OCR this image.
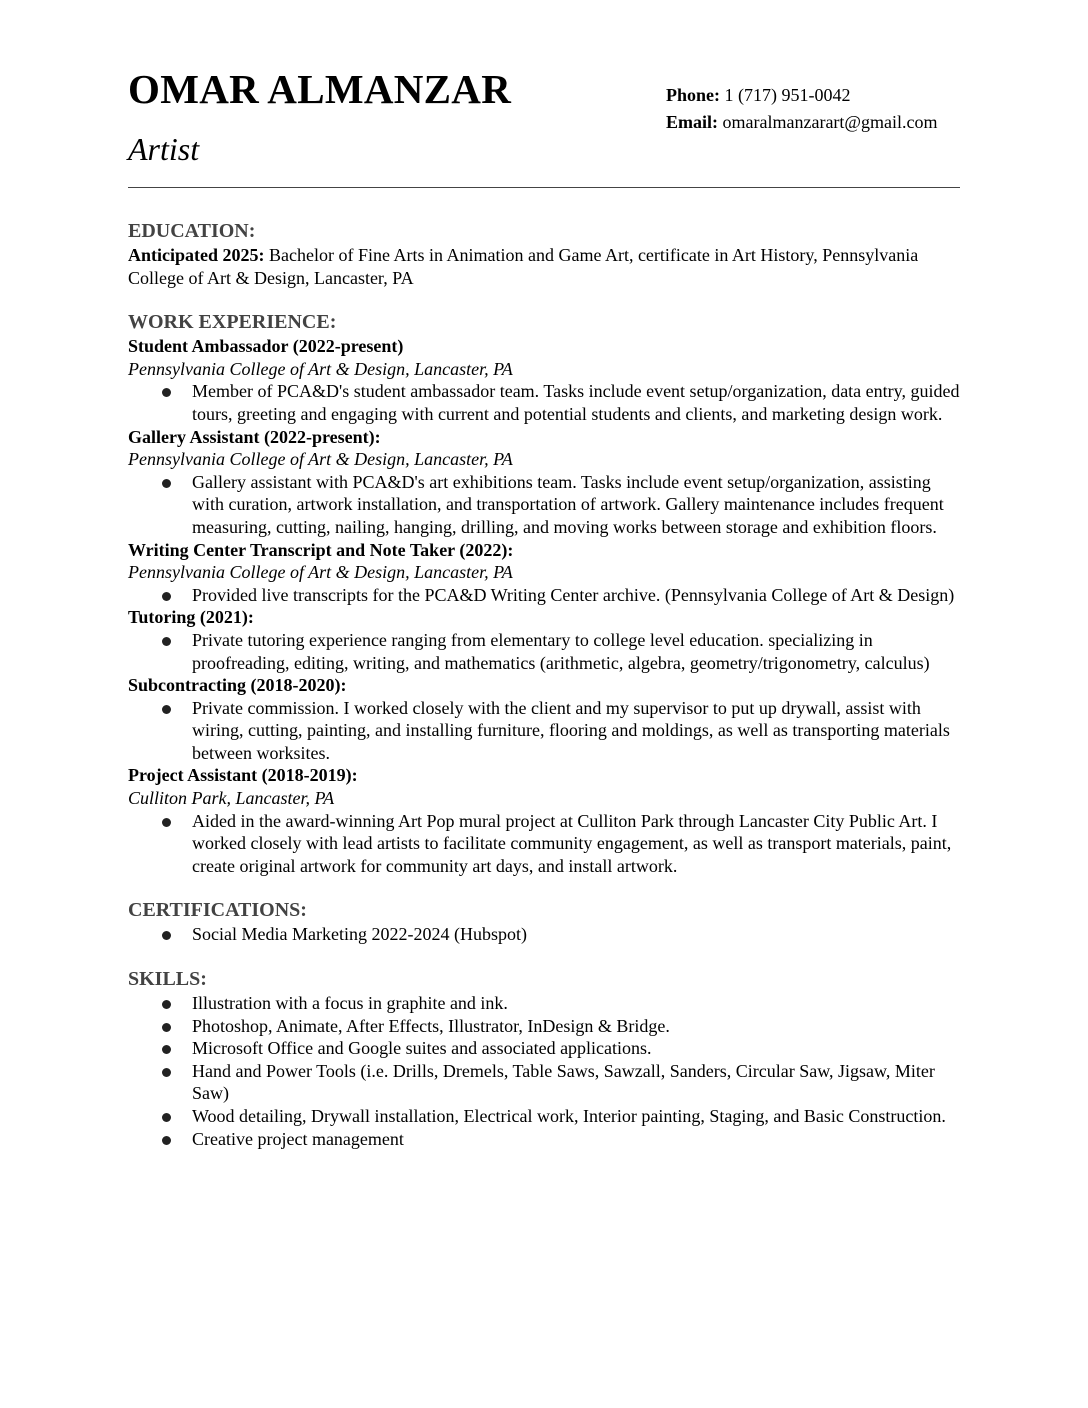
OMAR ALMANZAR
Artist
Phone: 1 (717) 951-0042
Email: omaralmanzarart@gmail.com
EDUCATION:
Anticipated 2025: Bachelor of Fine Arts in Animation and Game Art, certificate in Art History, Pennsylvania College of Art & Design, Lancaster, PA
WORK EXPERIENCE:
Student Ambassador (2022-present)
Pennsylvania College of Art & Design, Lancaster, PA
Member of PCA&D's student ambassador team. Tasks include event setup/organization, data entry, guided tours, greeting and engaging with current and potential students and clients, and marketing design work.
Gallery Assistant (2022-present):
Pennsylvania College of Art & Design, Lancaster, PA
Gallery assistant with PCA&D's art exhibitions team. Tasks include event setup/organization, assisting with curation, artwork installation, and transportation of artwork. Gallery maintenance includes frequent measuring, cutting, nailing, hanging, drilling, and moving works between storage and exhibition floors.
Writing Center Transcript and Note Taker (2022):
Pennsylvania College of Art & Design, Lancaster, PA
Provided live transcripts for the PCA&D Writing Center archive. (Pennsylvania College of Art & Design)
Tutoring (2021):
Private tutoring experience ranging from elementary to college level education. specializing in proofreading, editing, writing, and mathematics (arithmetic, algebra, geometry/trigonometry, calculus)
Subcontracting (2018-2020):
Private commission. I worked closely with the client and my supervisor to put up drywall, assist with wiring, cutting, painting, and installing furniture, flooring and moldings, as well as transporting materials between worksites.
Project Assistant (2018-2019):
Culliton Park, Lancaster, PA
Aided in the award-winning Art Pop mural project at Culliton Park through Lancaster City Public Art. I worked closely with lead artists to facilitate community engagement, as well as transport materials, paint, create original artwork for community art days, and install artwork.
CERTIFICATIONS:
Social Media Marketing 2022-2024 (Hubspot)
SKILLS:
Illustration with a focus in graphite and ink.
Photoshop, Animate, After Effects, Illustrator, InDesign & Bridge.
Microsoft Office and Google suites and associated applications.
Hand and Power Tools (i.e. Drills, Dremels, Table Saws, Sawzall, Sanders, Circular Saw, Jigsaw, Miter Saw)
Wood detailing, Drywall installation, Electrical work, Interior painting, Staging, and Basic Construction.
Creative project management
